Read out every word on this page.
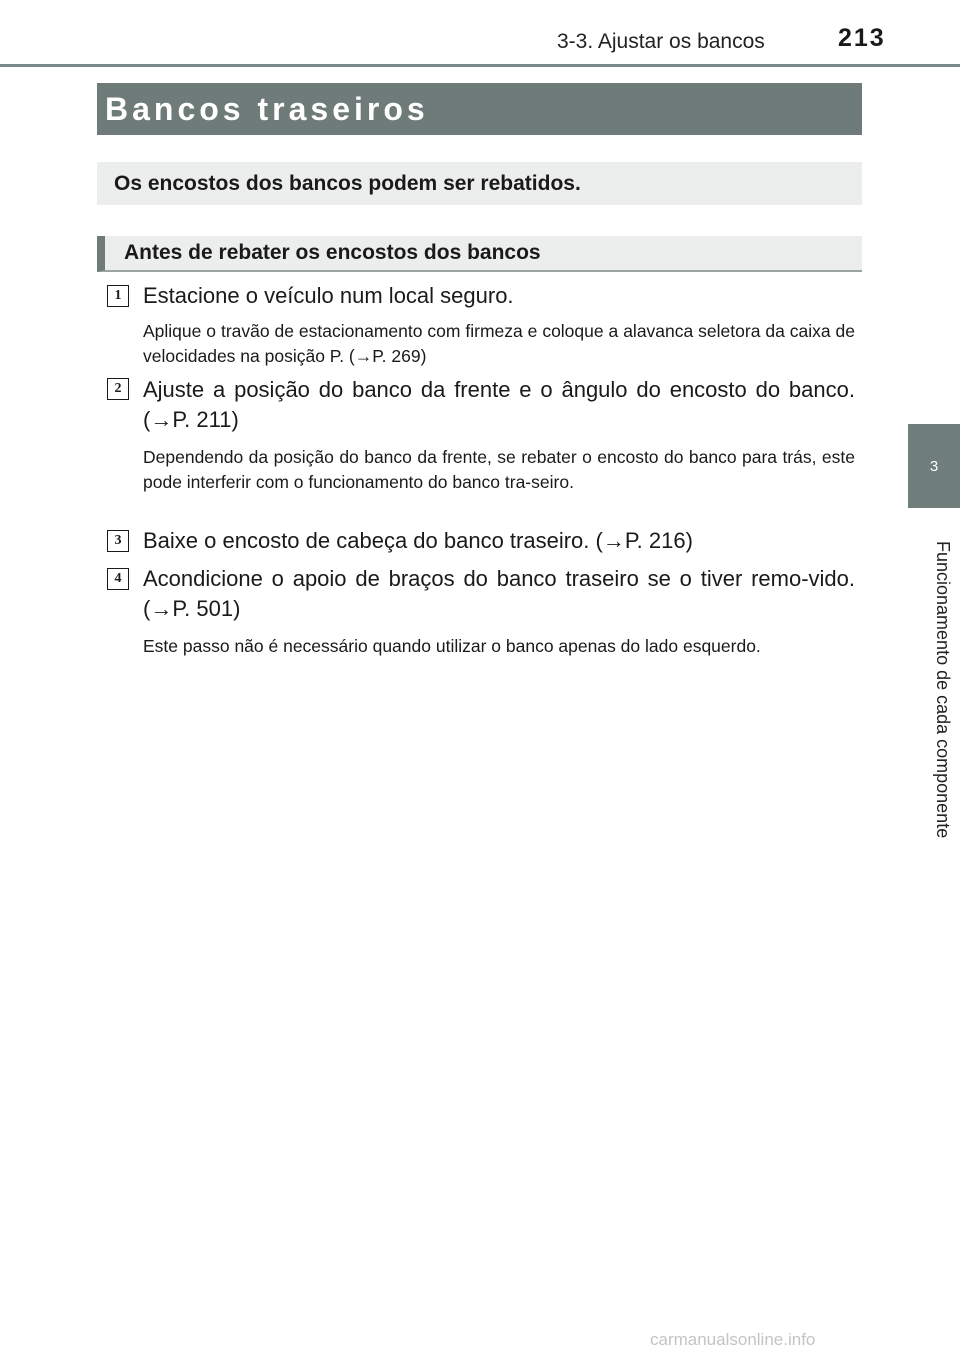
3-3. Ajustar os bancos	213
3
Funcionamento de cada componente
Bancos traseiros
Os encostos dos bancos podem ser rebatidos.
Antes de rebater os encostos dos bancos
1 Estacione o veículo num local seguro.
Aplique o travão de estacionamento com firmeza e coloque a alavanca seletora da caixa de velocidades na posição P. (→P. 269)
2 Ajuste a posição do banco da frente e o ângulo do encosto do banco. (→P. 211)
Dependendo da posição do banco da frente, se rebater o encosto do banco para trás, este pode interferir com o funcionamento do banco tra-seiro.
3 Baixe o encosto de cabeça do banco traseiro. (→P. 216)
4 Acondicione o apoio de braços do banco traseiro se o tiver remo-vido. (→P. 501)
Este passo não é necessário quando utilizar o banco apenas do lado esquerdo.
carmanualsonline.info
